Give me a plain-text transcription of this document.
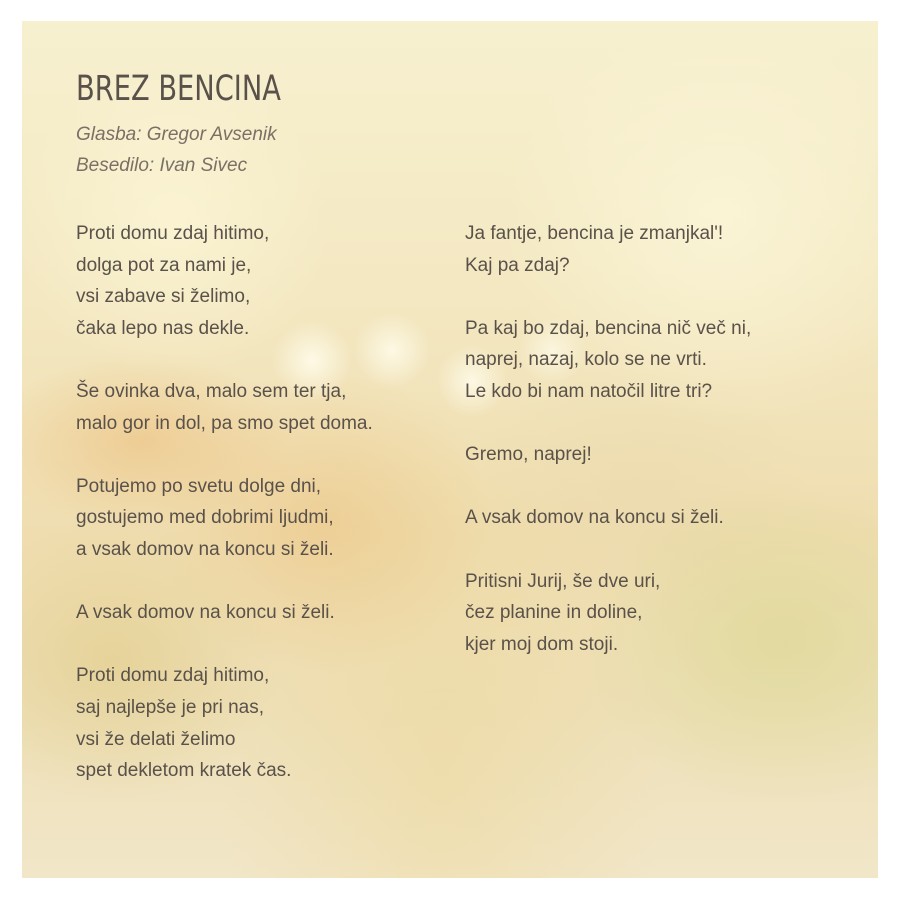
BREZ BENCINA
Glasba: Gregor Avsenik
Besedilo: Ivan Sivec
Proti domu zdaj hitimo,
dolga pot za nami je,
vsi zabave si želimo,
čaka lepo nas dekle.
Še ovinka dva, malo sem ter tja,
malo gor in dol, pa smo spet doma.
Potujemo po svetu dolge dni,
gostujemo med dobrimi ljudmi,
a vsak domov na koncu si želi.
A vsak domov na koncu si želi.
Proti domu zdaj hitimo,
saj najlepše je pri nas,
vsi že delati želimo
spet dekletom kratek čas.
Ja fantje, bencina je zmanjkal'!
Kaj pa zdaj?
Pa kaj bo zdaj, bencina nič več ni,
naprej, nazaj, kolo se ne vrti.
Le kdo bi nam natočil litre tri?
Gremo, naprej!
A vsak domov na koncu si želi.
Pritisni Jurij, še dve uri,
čez planine in doline,
kjer moj dom stoji.
